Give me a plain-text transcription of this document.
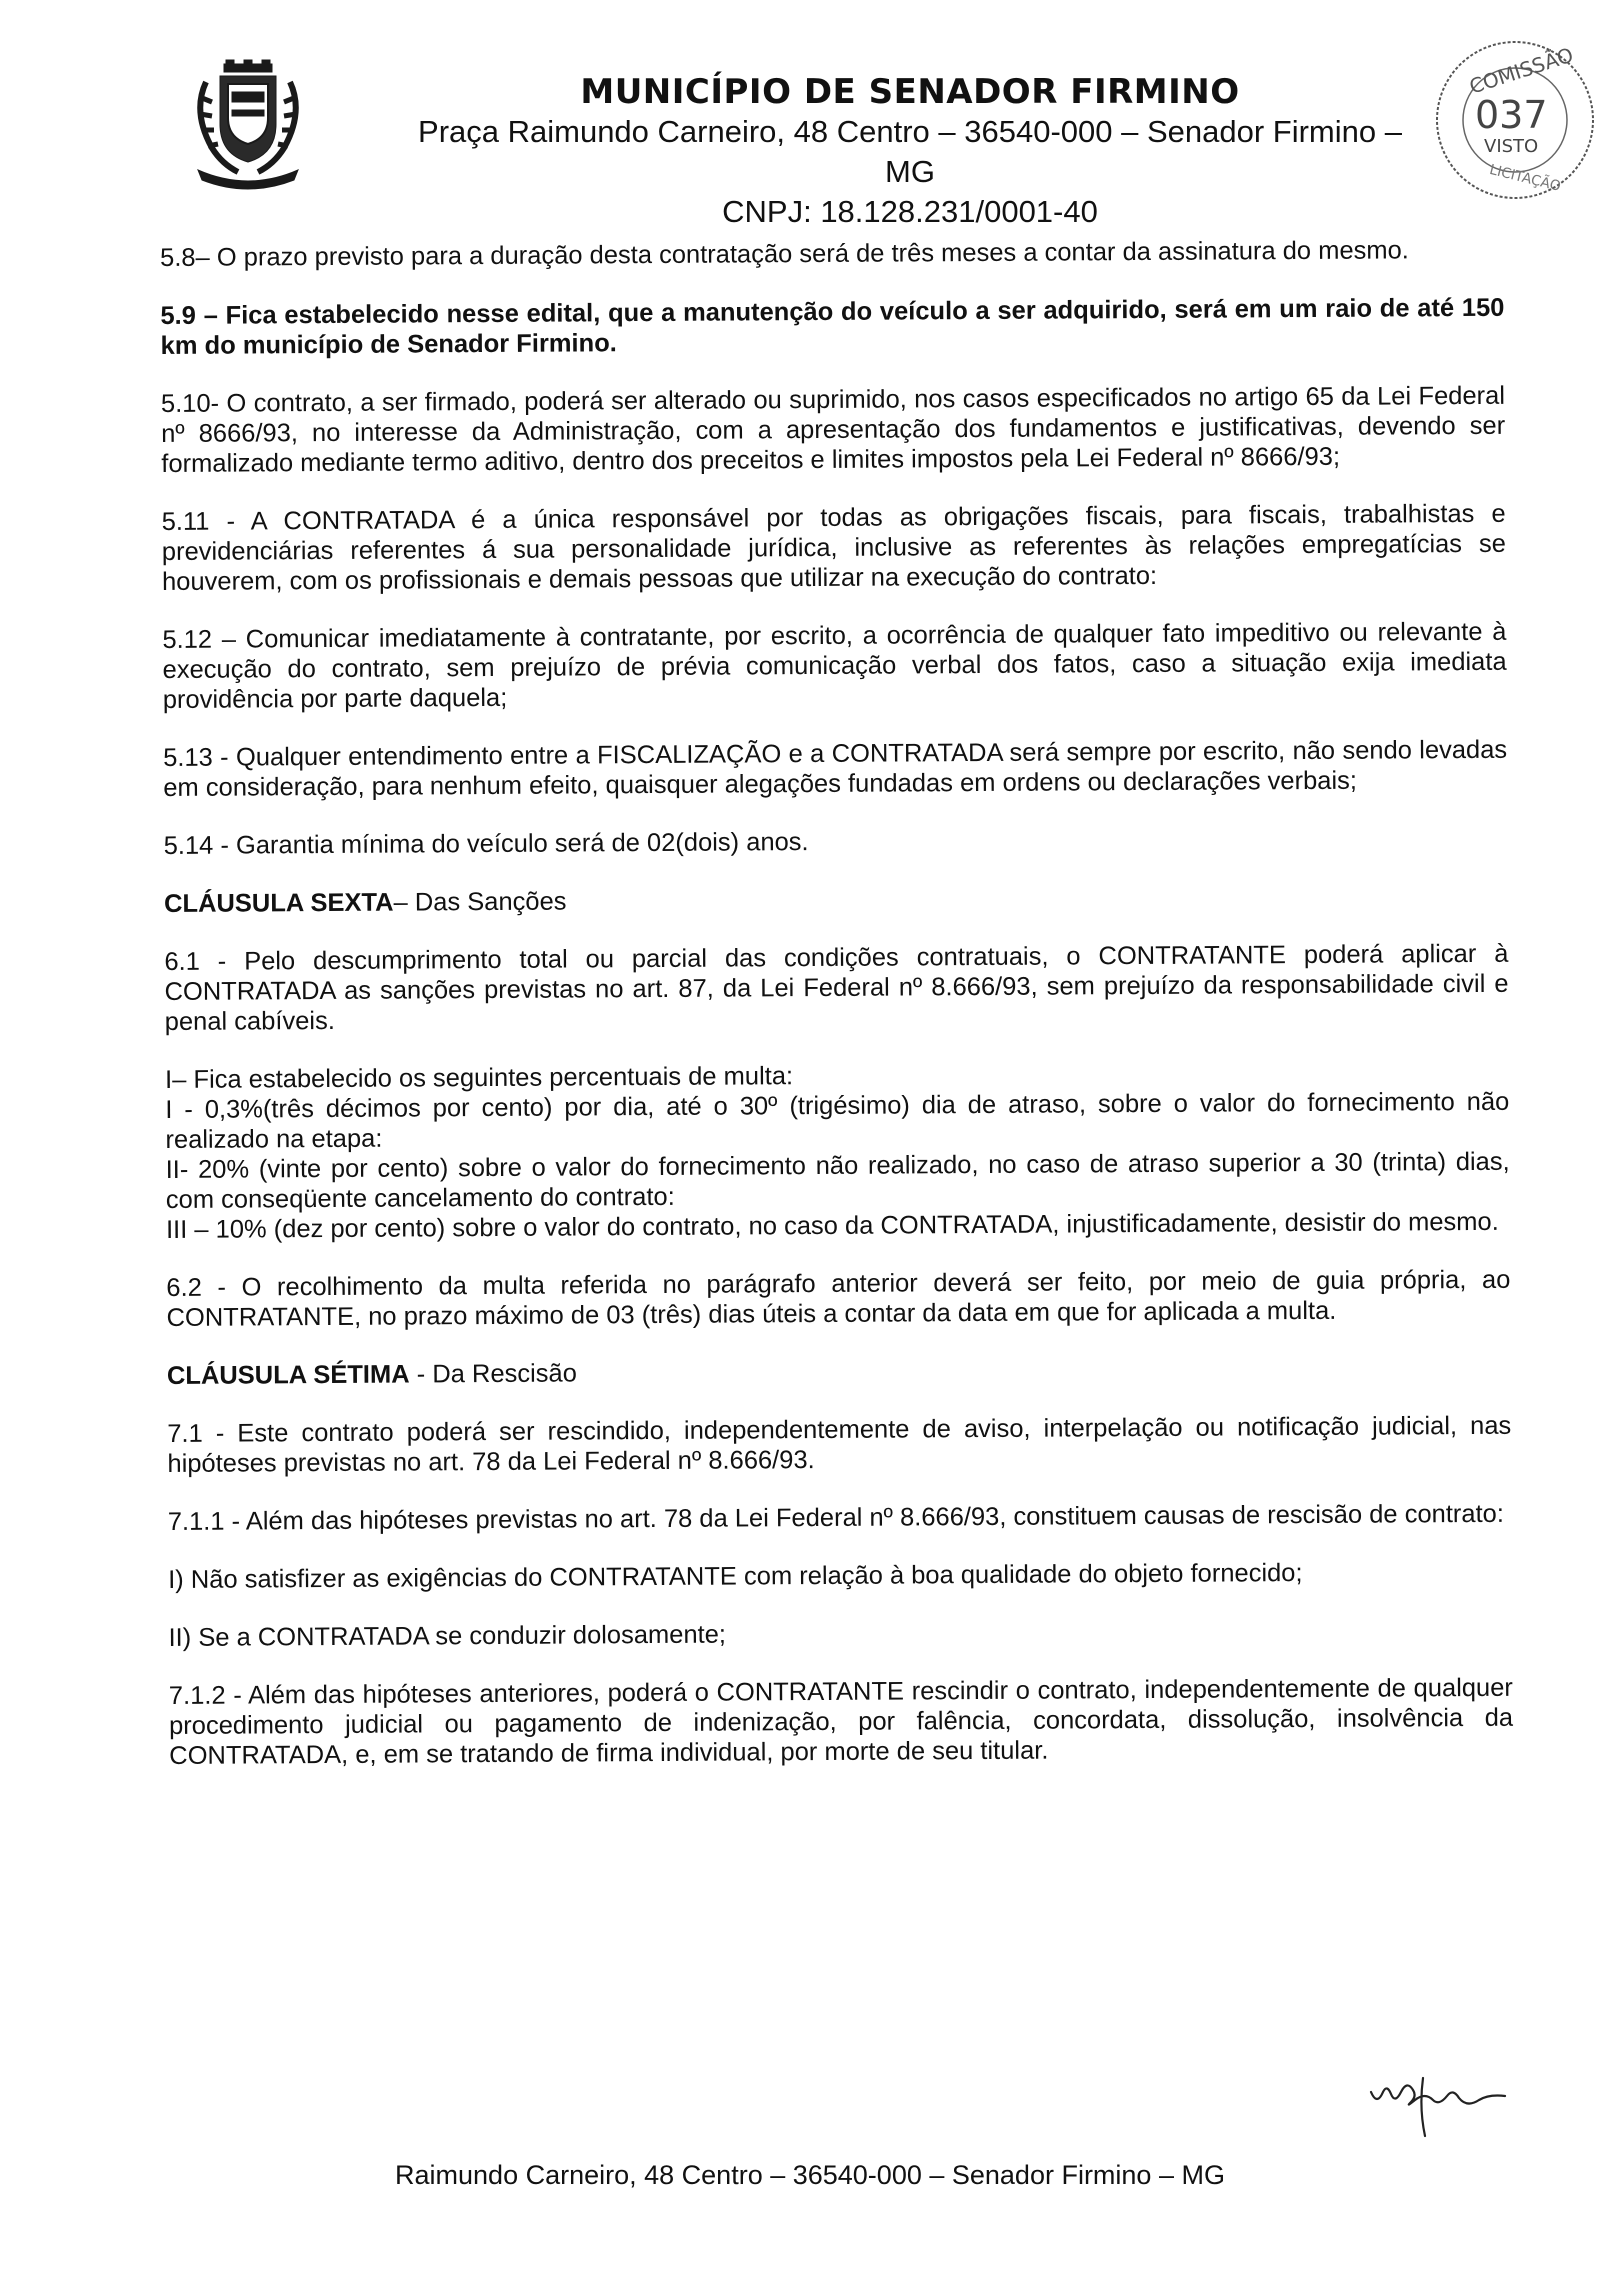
MUNICÍPIO DE SENADOR FIRMINO
Praça Raimundo Carneiro, 48 Centro – 36540-000 – Senador Firmino – MG
CNPJ: 18.128.231/0001-40
COMISSÃO
037
VISTO
LICITAÇÃO

5.8– O prazo previsto para a duração desta contratação será de três meses a contar da assinatura do mesmo.

5.9 – Fica estabelecido nesse edital, que a manutenção do veículo a ser adquirido, será em um raio de até 150 km do município de Senador Firmino.

5.10- O contrato, a ser firmado, poderá ser alterado ou suprimido, nos casos especificados no artigo 65 da Lei Federal nº 8666/93, no interesse da Administração, com a apresentação dos fundamentos e justificativas, devendo ser formalizado mediante termo aditivo, dentro dos preceitos e limites impostos pela Lei Federal nº 8666/93;

5.11 - A CONTRATADA é a única responsável por todas as obrigações fiscais, para fiscais, trabalhistas e previdenciárias referentes á sua personalidade jurídica, inclusive as referentes às relações empregatícias se houverem, com os profissionais e demais pessoas que utilizar na execução do contrato:

5.12 – Comunicar imediatamente à contratante, por escrito, a ocorrência de qualquer fato impeditivo ou relevante à execução do contrato, sem prejuízo de prévia comunicação verbal dos fatos, caso a situação exija imediata providência por parte daquela;

5.13 - Qualquer entendimento entre a FISCALIZAÇÃO e a CONTRATADA será sempre por escrito, não sendo levadas em consideração, para nenhum efeito, quaisquer alegações fundadas em ordens ou declarações verbais;

5.14 - Garantia mínima do veículo será de 02(dois) anos.

CLÁUSULA SEXTA– Das Sanções

6.1 - Pelo descumprimento total ou parcial das condições contratuais, o CONTRATANTE poderá aplicar à CONTRATADA as sanções previstas no art. 87, da Lei Federal nº 8.666/93, sem prejuízo da responsabilidade civil e penal cabíveis.

I– Fica estabelecido os seguintes percentuais de multa:

I - 0,3%(três décimos por cento) por dia, até o 30º (trigésimo) dia de atraso, sobre o valor do fornecimento não realizado na etapa:

II- 20% (vinte por cento) sobre o valor do fornecimento não realizado, no caso de atraso superior a 30 (trinta) dias, com conseqüente cancelamento do contrato:

III – 10% (dez por cento) sobre o valor do contrato, no caso da CONTRATADA, injustificadamente, desistir do mesmo.

6.2 - O recolhimento da multa referida no parágrafo anterior deverá ser feito, por meio de guia própria, ao CONTRATANTE, no prazo máximo de 03 (três) dias úteis a contar da data em que for aplicada a multa.

CLÁUSULA SÉTIMA - Da Rescisão

7.1 - Este contrato poderá ser rescindido, independentemente de aviso, interpelação ou notificação judicial, nas hipóteses previstas no art. 78 da Lei Federal nº 8.666/93.

7.1.1 - Além das hipóteses previstas no art. 78 da Lei Federal nº 8.666/93, constituem causas de rescisão de contrato:

I) Não satisfizer as exigências do CONTRATANTE com relação à boa qualidade do objeto fornecido;

II) Se a CONTRATADA se conduzir dolosamente;

7.1.2 - Além das hipóteses anteriores, poderá o CONTRATANTE rescindir o contrato, independentemente de qualquer procedimento judicial ou pagamento de indenização, por falência, concordata, dissolução, insolvência da CONTRATADA, e, em se tratando de firma individual, por morte de seu titular.

Raimundo Carneiro, 48 Centro – 36540-000 – Senador Firmino – MG
